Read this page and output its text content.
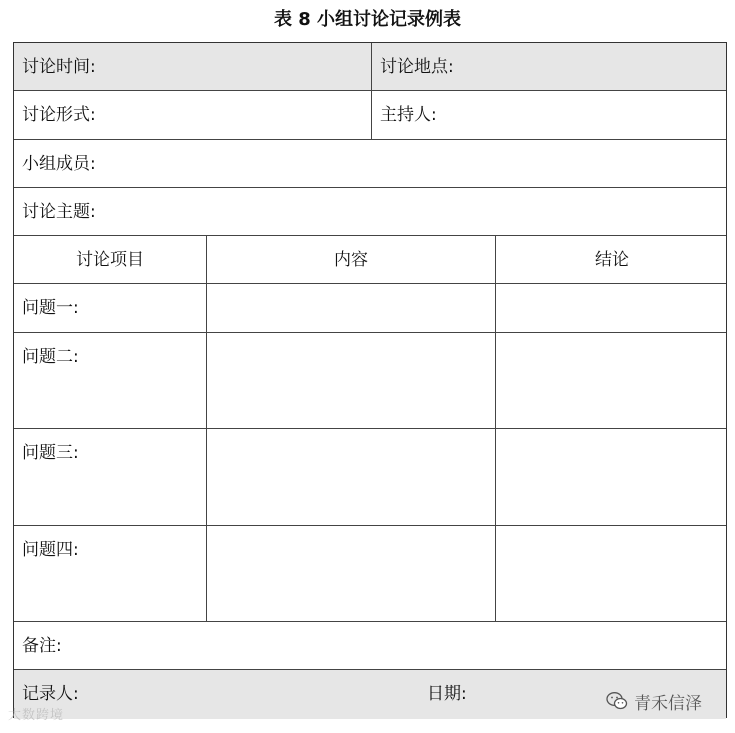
表 8 小组讨论记录例表
讨论时间:	讨论地点:
讨论形式:	主持人:
小组成员:
讨论主题:
讨论项目	内容	结论
问题一:
问题二:
问题三:
问题四:
备注:
记录人:	日期:
大数跨境
青禾信泽
